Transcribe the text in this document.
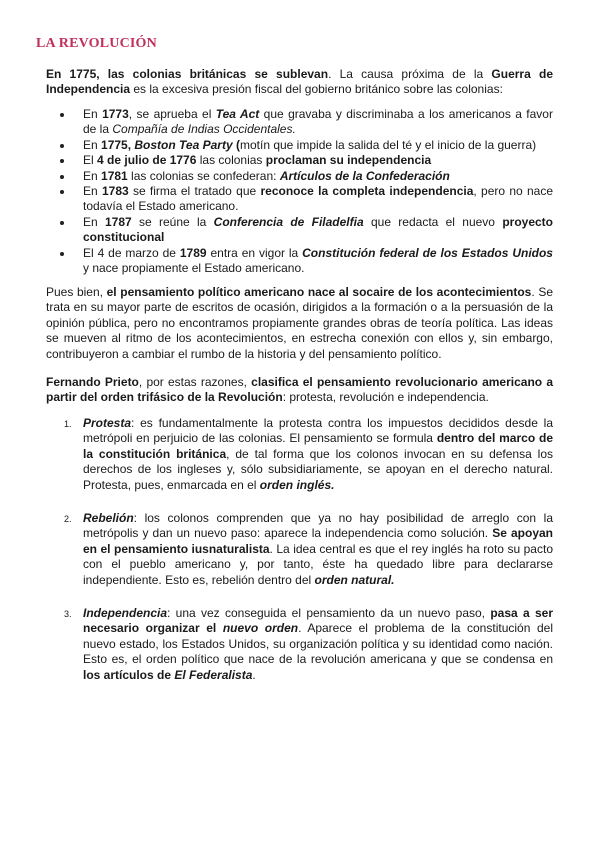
LA REVOLUCIÓN

En 1775, las colonias británicas se sublevan. La causa próxima de la Guerra de Independencia es la excesiva presión fiscal del gobierno británico sobre las colonias:

En 1773, se aprueba el Tea Act que gravaba y discriminaba a los americanos a favor de la Compañía de Indias Occidentales.
En 1775, Boston Tea Party (motín que impide la salida del té y el inicio de la guerra)
El 4 de julio de 1776 las colonias proclaman su independencia
En 1781 las colonias se confederan: Artículos de la Confederación
En 1783 se firma el tratado que reconoce la completa independencia, pero no nace todavía el Estado americano.
En 1787 se reúne la Conferencia de Filadelfia que redacta el nuevo proyecto constitucional
El 4 de marzo de 1789 entra en vigor la Constitución federal de los Estados Unidos y nace propiamente el Estado americano.

Pues bien, el pensamiento político americano nace al socaire de los acontecimientos. Se trata en su mayor parte de escritos de ocasión, dirigidos a la formación o a la persuasión de la opinión pública, pero no encontramos propiamente grandes obras de teoría política. Las ideas se mueven al ritmo de los acontecimientos, en estrecha conexión con ellos y, sin embargo, contribuyeron a cambiar el rumbo de la historia y del pensamiento político.

Fernando Prieto, por estas razones, clasifica el pensamiento revolucionario americano a partir del orden trifásico de la Revolución: protesta, revolución e independencia.

1. Protesta: es fundamentalmente la protesta contra los impuestos decididos desde la metrópoli en perjuicio de las colonias. El pensamiento se formula dentro del marco de la constitución británica, de tal forma que los colonos invocan en su defensa los derechos de los ingleses y, sólo subsidiariamente, se apoyan en el derecho natural. Protesta, pues, enmarcada en el orden inglés.
2. Rebelión: los colonos comprenden que ya no hay posibilidad de arreglo con la metrópolis y dan un nuevo paso: aparece la independencia como solución. Se apoyan en el pensamiento iusnaturalista. La idea central es que el rey inglés ha roto su pacto con el pueblo americano y, por tanto, éste ha quedado libre para declararse independiente. Esto es, rebelión dentro del orden natural.
3. Independencia: una vez conseguida el pensamiento da un nuevo paso, pasa a ser necesario organizar el nuevo orden. Aparece el problema de la constitución del nuevo estado, los Estados Unidos, su organización política y su identidad como nación. Esto es, el orden político que nace de la revolución americana y que se condensa en los artículos de El Federalista.
